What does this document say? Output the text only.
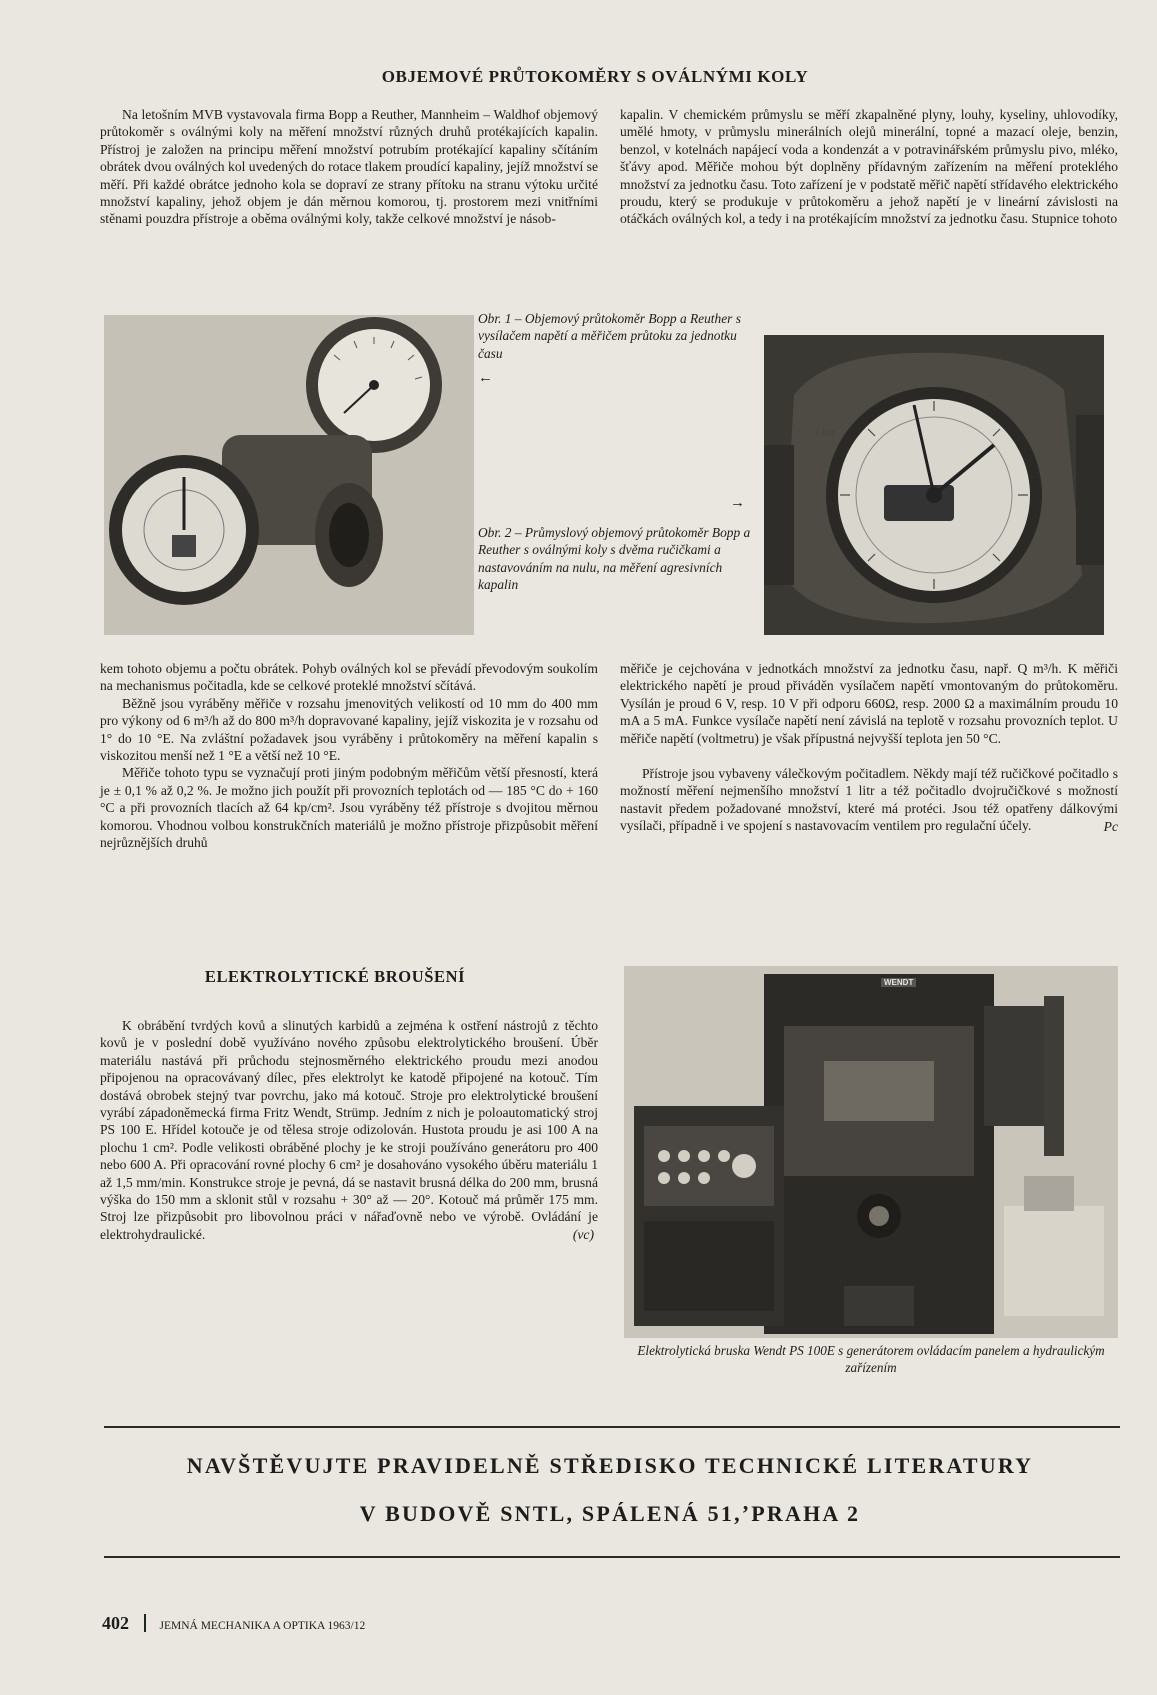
OBJEMOVÉ PRŮTOKOMĚRY S OVÁLNÝMI KOLY

Na letošním MVB vystavovala firma Bopp a Reuther, Mannheim – Waldhof objemový průtokoměr s oválnými koly na měření množství různých druhů protékajících kapalin. Přístroj je založen na principu měření množství potrubím protékající kapaliny sčítáním obrátek dvou oválných kol uvedených do rotace tlakem proudící kapaliny, jejíž množství se měří. Při každé obrátce jednoho kola se dopraví ze strany přítoku na stranu výtoku určité množství kapaliny, jehož objem je dán měrnou komorou, tj. prostorem mezi vnitřními stěnami pouzdra přístroje a oběma oválnými koly, takže celkové množství je násob-

kapalin. V chemickém průmyslu se měří zkapalněné plyny, louhy, kyseliny, uhlovodíky, umělé hmoty, v průmyslu minerálních olejů minerální, topné a mazací oleje, benzin, benzol, v kotelnách napájecí voda a kondenzát a v potravinářském průmyslu pivo, mléko, šťávy apod. Měřiče mohou být doplněny přídavným zařízením na měření proteklého množství za jednotku času. Toto zařízení je v podstatě měřič napětí střídavého elektrického proudu, který se produkuje v průtokoměru a jehož napětí je v lineární závislosti na otáčkách oválných kol, a tedy i na protékajícím množství za jednotku času. Stupnice tohoto

Obr. 1 – Objemový průtokoměr Bopp a Reuther s vysílačem napětí a měřičem průtoku za jednotku času
←
Liter
→
Obr. 2 – Průmyslový objemový průtokoměr Bopp a Reuther s oválnými koly s dvěma ručičkami a nastavováním na nulu, na měření agresivních kapalin

kem tohoto objemu a počtu obrátek. Pohyb oválných kol se převádí převodovým soukolím na mechanismus počitadla, kde se celkové proteklé množství sčítává.

Běžně jsou vyráběny měřiče v rozsahu jmenovitých velikostí od 10 mm do 400 mm pro výkony od 6 m³/h až do 800 m³/h dopravované kapaliny, jejíž viskozita je v rozsahu od 1° do 10 °E. Na zvláštní požadavek jsou vyráběny i průtokoměry na měření kapalin s viskozitou menší než 1 °E a větší než 10 °E.

Měřiče tohoto typu se vyznačují proti jiným podobným měřičům větší přesností, která je ± 0,1 % až 0,2 %. Je možno jich použít při provozních teplotách od — 185 °C do + 160 °C a při provozních tlacích až 64 kp/cm². Jsou vyráběny též přístroje s dvojitou měrnou komorou. Vhodnou volbou konstrukčních materiálů je možno přístroje přizpůsobit měření nejrůznějších druhů

měřiče je cejchována v jednotkách množství za jednotku času, např. Q m³/h. K měřiči elektrického napětí je proud přiváděn vysílačem napětí vmontovaným do průtokoměru. Vysílán je proud 6 V, resp. 10 V při odporu 660Ω, resp. 2000 Ω a maximálním proudu 10 mA a 5 mA. Funkce vysílače napětí není závislá na teplotě v rozsahu provozních teplot. U měřiče napětí (voltmetru) je však přípustná nejvyšší teplota jen 50 °C.

Přístroje jsou vybaveny válečkovým počitadlem. Někdy mají též ručičkové počitadlo s možností měření nejmenšího množství 1 litr a též počitadlo dvojručičkové s možností nastavit předem požadované množství, které má protéci. Jsou též opatřeny dálkovými vysílači, případně i ve spojení s nastavovacím ventilem pro regulační účely.	Pc
ELEKTROLYTICKÉ BROUŠENÍ

K obrábění tvrdých kovů a slinutých karbidů a zejména k ostření nástrojů z těchto kovů je v poslední době využíváno nového způsobu elektrolytického broušení. Úběr materiálu nastává při průchodu stejnosměrného elektrického proudu mezi anodou připojenou na opracovávaný dílec, přes elektrolyt ke katodě připojené na kotouč. Tím dostává obrobek stejný tvar povrchu, jako má kotouč. Stroje pro elektrolytické broušení vyrábí západoněmecká firma Fritz Wendt, Strümp. Jedním z nich je poloautomatický stroj PS 100 E. Hřídel kotouče je od tělesa stroje odizolován. Hustota proudu je asi 100 A na plochu 1 cm². Podle velikosti obráběné plochy je ke stroji používáno generátoru pro 400 nebo 600 A. Při opracování rovné plochy 6 cm² je dosahováno vysokého úběru materiálu 1 až 1,5 mm/min. Konstrukce stroje je pevná, dá se nastavit brusná délka do 200 mm, brusná výška do 150 mm a sklonit stůl v rozsahu + 30° až — 20°. Kotouč má průměr 175 mm. Stroj lze přizpůsobit pro libovolnou práci v nářaďovně nebo ve výrobě. Ovládání je elektrohydraulické.	(vc)
WENDT
Elektrolytická bruska Wendt PS 100E s generátorem ovládacím panelem a hydraulickým zařízením
NAVŠTĚVUJTE PRAVIDELNĚ STŘEDISKO TECHNICKÉ LITERATURY
V BUDOVĚ SNTL, SPÁLENÁ 51,ʼPRAHA 2
402	JEMNÁ MECHANIKA A OPTIKA 1963/12
